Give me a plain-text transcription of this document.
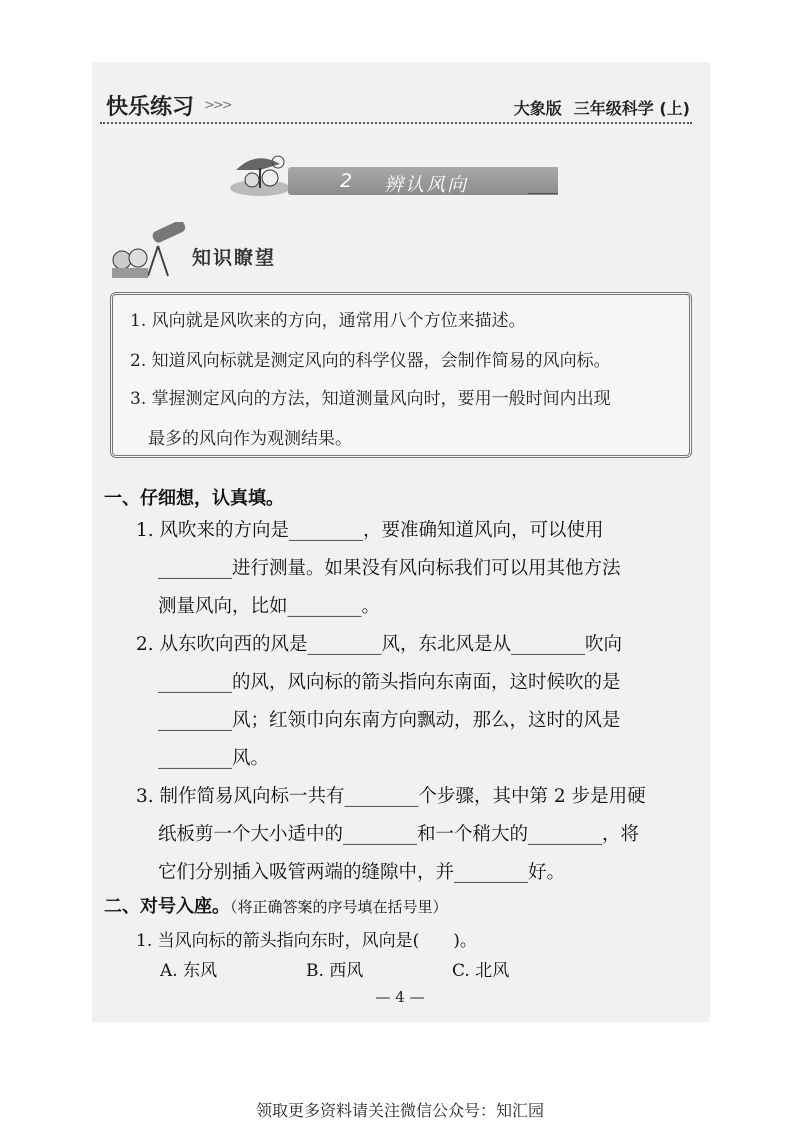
快乐练习 >>>	大象版 三年级科学 (上)
2 辨认风向
知识瞭望
1. 风向就是风吹来的方向，通常用八个方位来描述。
2. 知道风向标就是测定风向的科学仪器，会制作简易的风向标。
3. 掌握测定风向的方法，知道测量风向时，要用一般时间内出现
最多的风向作为观测结果。
一、仔细想，认真填。
1. 风吹来的方向是________，要准确知道风向，可以使用
________进行测量。如果没有风向标我们可以用其他方法
测量风向，比如________。
2. 从东吹向西的风是________风，东北风是从________吹向
________的风，风向标的箭头指向东南面，这时候吹的是
________风；红领巾向东南方向飘动，那么，这时的风是
________风。
3. 制作简易风向标一共有________个步骤，其中第 2 步是用硬
纸板剪一个大小适中的________和一个稍大的________，将
它们分别插入吸管两端的缝隙中，并________好。
二、对号入座。（将正确答案的序号填在括号里）
1. 当风向标的箭头指向东时，风向是(　　)。
A. 东风	B. 西风	C. 北风
— 4 —
领取更多资料请关注微信公众号：知汇园
